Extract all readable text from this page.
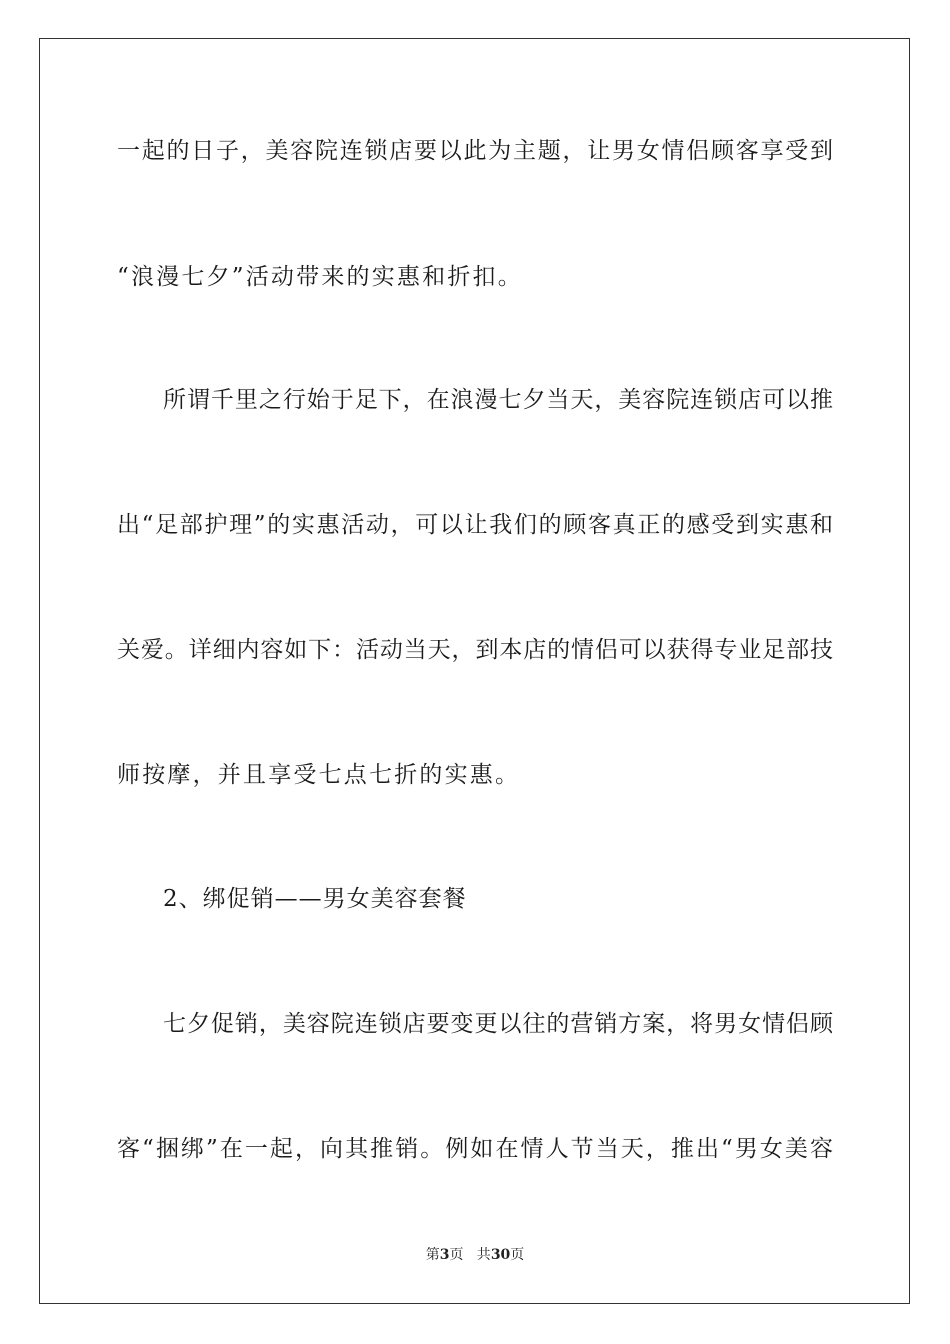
一起的日子，美容院连锁店要以此为主题，让男女情侣顾客享受到
“浪漫七夕”活动带来的实惠和折扣。
所谓千里之行始于足下，在浪漫七夕当天，美容院连锁店可以推
出“足部护理”的实惠活动，可以让我们的顾客真正的感受到实惠和
关爱。详细内容如下：活动当天，到本店的情侣可以获得专业足部技
师按摩，并且享受七点七折的实惠。
2、绑促销——男女美容套餐
七夕促销，美容院连锁店要变更以往的营销方案，将男女情侣顾
客“捆绑”在一起，向其推销。例如在情人节当天，推出“男女美容
第3页   共30页
